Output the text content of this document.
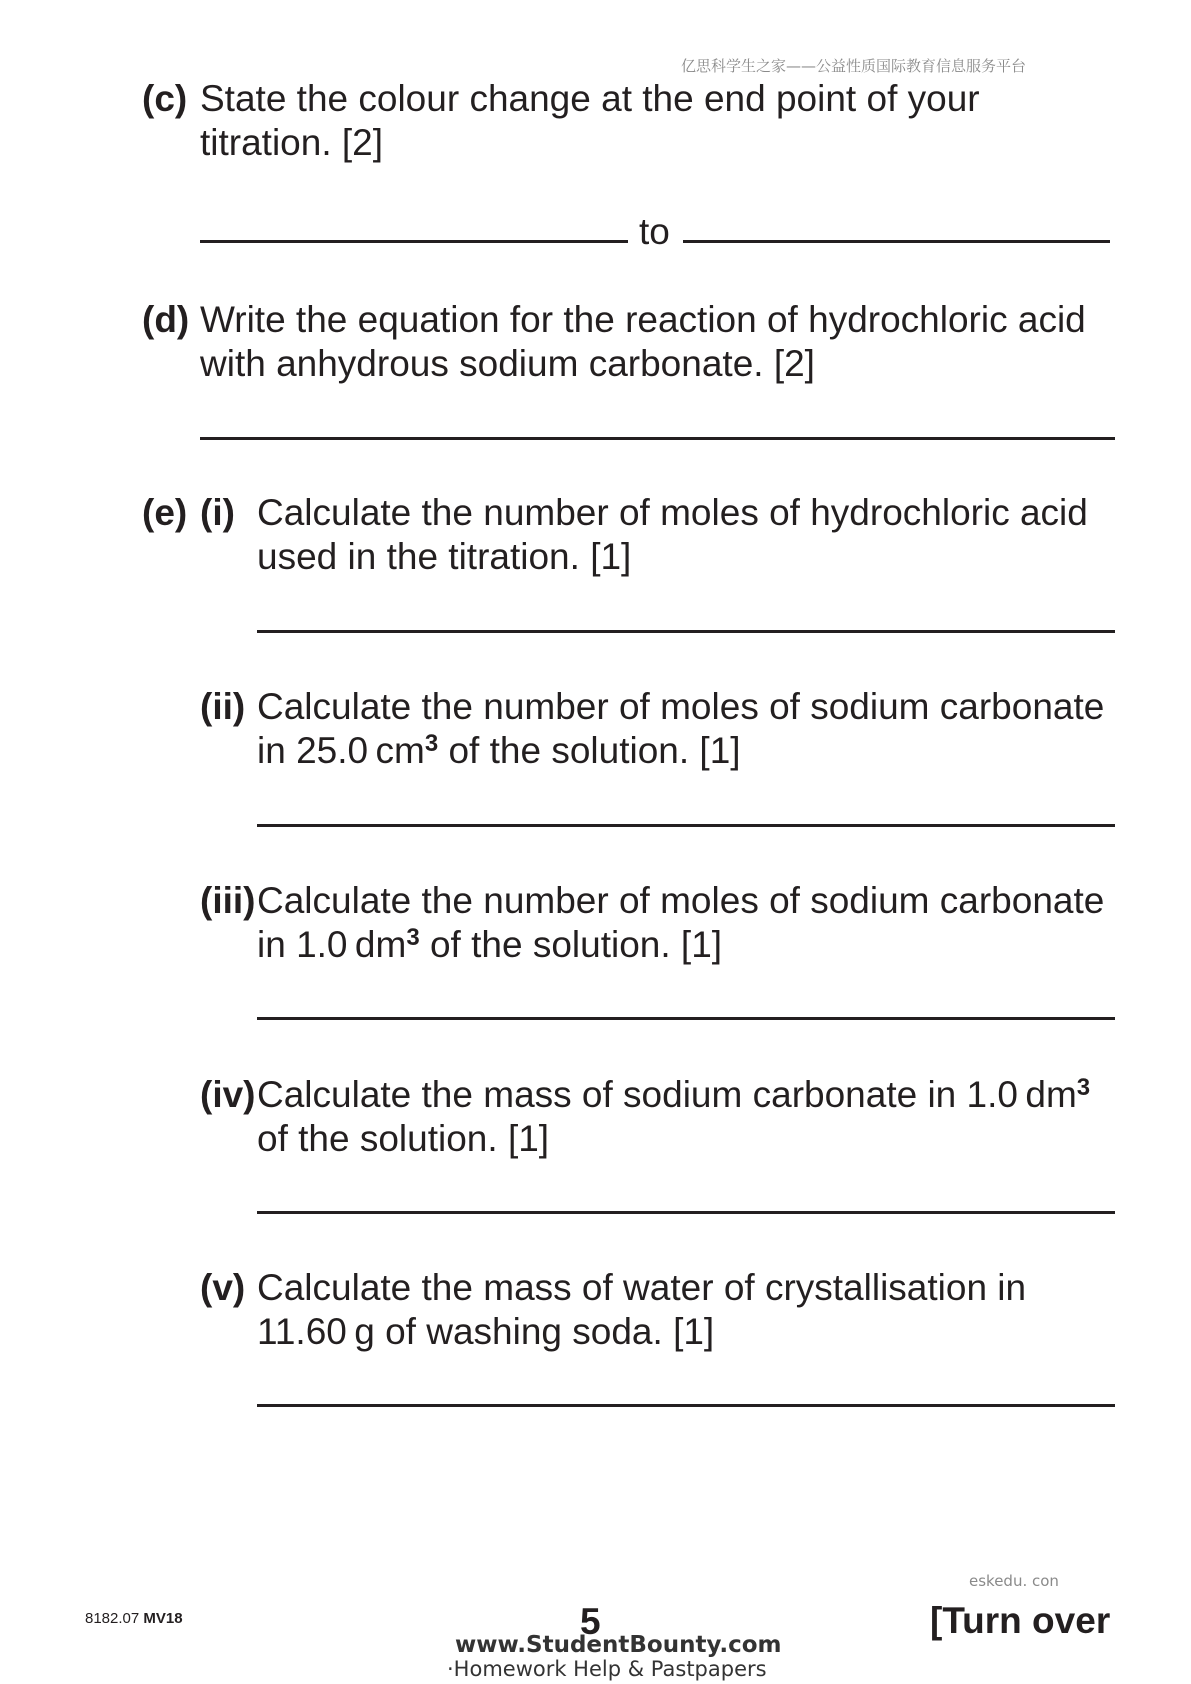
亿思科学生之家——公益性质国际教育信息服务平台
(c) State the colour change at the end point of your
titration. [2]
to
(d) Write the equation for the reaction of hydrochloric acid
with anhydrous sodium carbonate. [2]
(e) (i) Calculate the number of moles of hydrochloric acid
used in the titration. [1]
(ii) Calculate the number of moles of sodium carbonate
in 25.0 $cm^3$ of the solution. [1]
(iii) Calculate the number of moles of sodium carbonate
in 1.0 $dm^3$ of the solution. [1]
(iv) Calculate the mass of sodium carbonate in 1.0 $dm^3$
of the solution. [1]
(v) Calculate the mass of water of crystallisation in
11.60 g of washing soda. [1]
eskedu. con
8182.07 MV18	5	[Turn over
www.StudentBounty.com
·Homework Help & Pastpapers
